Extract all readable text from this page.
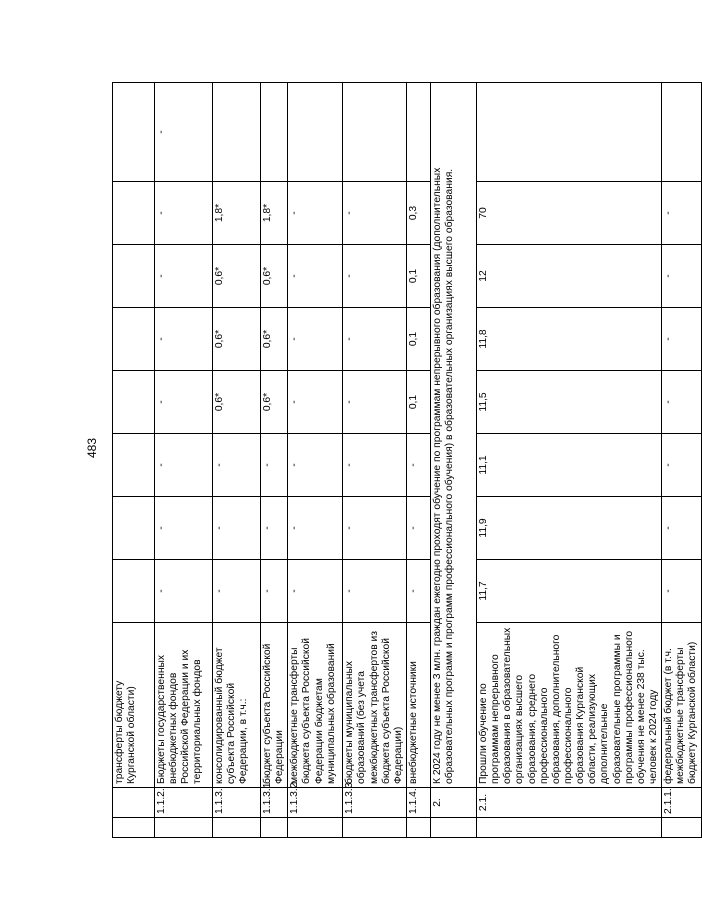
483
		трансферты бюджету Курганской области)								
	1.1.2.	Бюджеты государственных внебюджетных фондов Российской Федерации и их территориальных фондов	-	-	-	-	-	-	-	-
	1.1.3.	консолидированный бюджет субъекта Российской Федерации, в т.ч.:	-	-	-	0,6*	0,6*	0,6*	1,8*	
	1.1.3.1.	бюджет субъекта Российской Федерации	-	-	-	0,6*	0,6*	0,6*	1,8*	
	1.1.3.2.	межбюджетные трансферты бюджета субъекта Российской Федерации бюджетам муниципальных образований	-	-	-	-	-	-	-	
	1.1.3.3.	бюджеты муниципальных образований (без учета межбюджетных трансфертов из бюджета субъекта Российской Федерации)	-	-	-	-	-	-	-	
	1.1.4.	внебюджетные источники	-	-	-	0,1	0,1	0,1	0,3	
	2.	К 2024 году не менее 3 млн. граждан ежегодно проходят обучение по программам непрерывного образования (дополнительных образовательных программ и программ профессионального обучения) в образовательных организациях высшего образования.								
	2.1.	Прошли обучение по программам непрерывного образования в образовательных организациях высшего образования, среднего профессионального образования, дополнительного профессионального образования Курганской области, реализующих дополнительные образовательные программы и программы профессионального обучения не менее 238 тыс. человек к 2024 году	11,7	11,9	11,1	11,5	11,8	12	70	
	2.1.1.	федеральный бюджет (в т.ч. межбюджетные трансферты бюджету Курганской области)	-	-	-	-	-	-	-	
